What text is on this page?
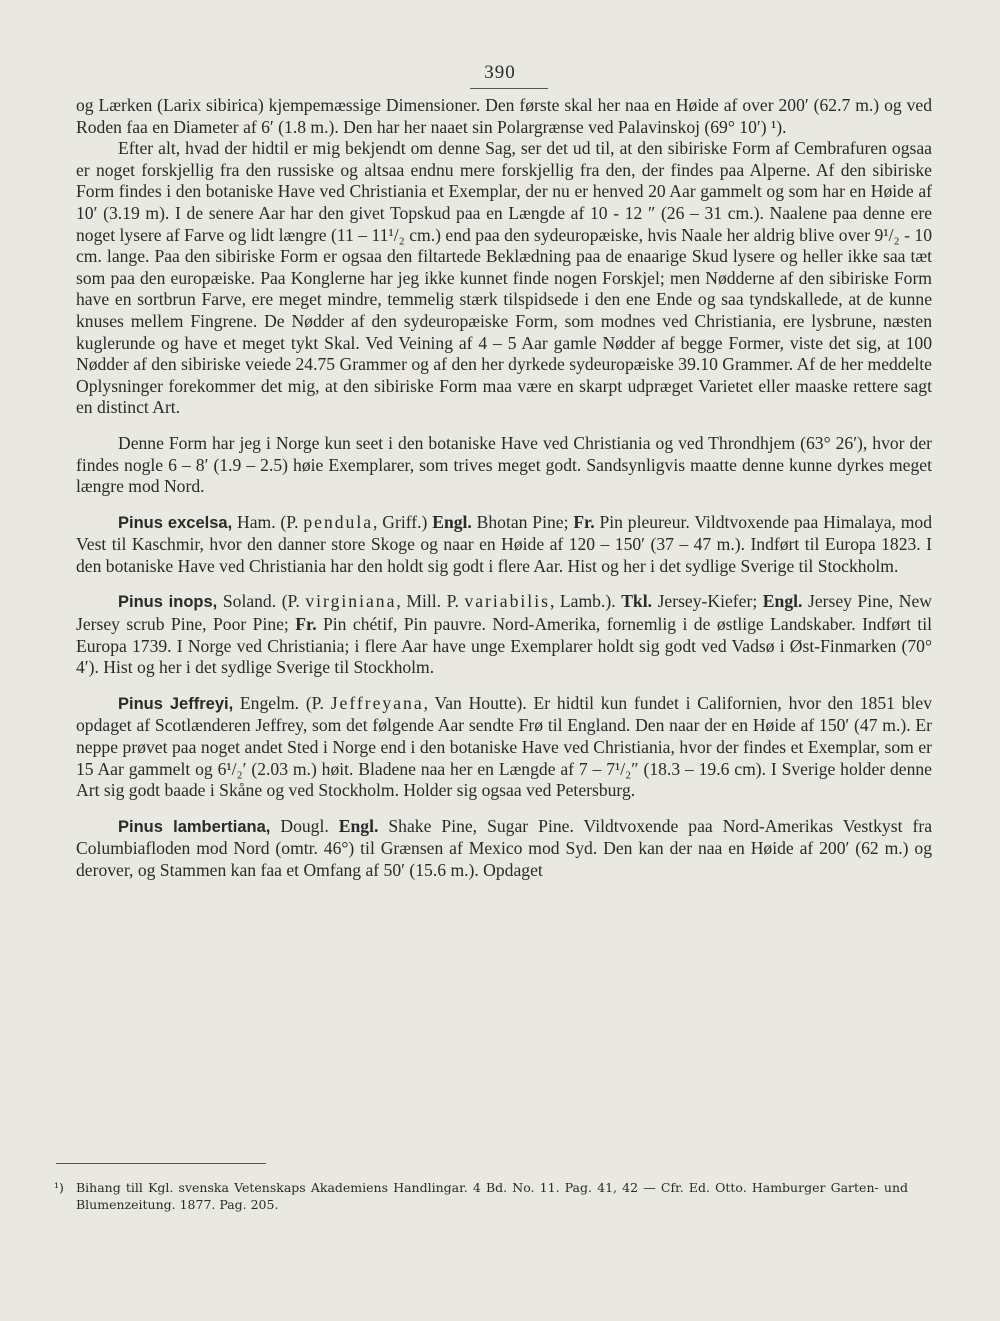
390

og Lærken (Larix sibirica) kjempemæssige Dimensioner. Den første skal her naa en Høide af over 200′ (62.7 m.) og ved Roden faa en Diameter af 6′ (1.8 m.). Den har her naaet sin Polargrænse ved Palavinskoj (69° 10′) ¹).

Efter alt, hvad der hidtil er mig bekjendt om denne Sag, ser det ud til, at den sibiriske Form af Cembrafuren ogsaa er noget forskjellig fra den russiske og altsaa endnu mere forskjellig fra den, der findes paa Alperne. Af den sibiriske Form findes i den botaniske Have ved Christiania et Exemplar, der nu er henved 20 Aar gammelt og som har en Høide af 10′ (3.19 m). I de senere Aar har den givet Topskud paa en Længde af 10 - 12 ″ (26 – 31 cm.). Naalene paa denne ere noget lysere af Farve og lidt længre (11 – 11¹/₂ cm.) end paa den sydeuropæiske, hvis Naale her aldrig blive over 9¹/₂ - 10 cm. lange. Paa den sibiriske Form er ogsaa den filtartede Beklædning paa de enaarige Skud lysere og heller ikke saa tæt som paa den europæiske. Paa Konglerne har jeg ikke kunnet finde nogen Forskjel; men Nødderne af den sibiriske Form have en sortbrun Farve, ere meget mindre, temmelig stærk tilspidsede i den ene Ende og saa tyndskallede, at de kunne knuses mellem Fingrene. De Nødder af den sydeuropæiske Form, som modnes ved Christiania, ere lysbrune, næsten kuglerunde og have et meget tykt Skal. Ved Veining af 4 – 5 Aar gamle Nødder af begge Former, viste det sig, at 100 Nødder af den sibiriske veiede 24.75 Grammer og af den her dyrkede sydeuropæiske 39.10 Grammer. Af de her meddelte Oplysninger forekommer det mig, at den sibiriske Form maa være en skarpt udpræget Varietet eller maaske rettere sagt en distinct Art.

Denne Form har jeg i Norge kun seet i den botaniske Have ved Christiania og ved Throndhjem (63° 26′), hvor der findes nogle 6 – 8′ (1.9 – 2.5) høie Exemplarer, som trives meget godt. Sandsynligvis maatte denne kunne dyrkes meget længre mod Nord.

Pinus excelsa, Ham. (P. pendula, Griff.) Engl. Bhotan Pine; Fr. Pin pleureur. Vildtvoxende paa Himalaya, mod Vest til Kaschmir, hvor den danner store Skoge og naar en Høide af 120 – 150′ (37 – 47 m.). Indført til Europa 1823. I den botaniske Have ved Christiania har den holdt sig godt i flere Aar. Hist og her i det sydlige Sverige til Stockholm.

Pinus inops, Soland. (P. virginiana, Mill. P. variabilis, Lamb.). Tkl. Jersey-Kiefer; Engl. Jersey Pine, New Jersey scrub Pine, Poor Pine; Fr. Pin chétif, Pin pauvre. Nord-Amerika, fornemlig i de østlige Landskaber. Indført til Europa 1739. I Norge ved Christiania; i flere Aar have unge Exemplarer holdt sig godt ved Vadsø i Øst-Finmarken (70° 4′). Hist og her i det sydlige Sverige til Stockholm.

Pinus Jeffreyi, Engelm. (P. Jeffreyana, Van Houtte). Er hidtil kun fundet i Californien, hvor den 1851 blev opdaget af Scotlænderen Jeffrey, som det følgende Aar sendte Frø til England. Den naar der en Høide af 150′ (47 m.). Er neppe prøvet paa noget andet Sted i Norge end i den botaniske Have ved Christiania, hvor der findes et Exemplar, som er 15 Aar gammelt og 6¹/₂′ (2.03 m.) høit. Bladene naa her en Længde af 7 – 7¹/₂″ (18.3 – 19.6 cm). I Sverige holder denne Art sig godt baade i Skåne og ved Stockholm. Holder sig ogsaa ved Petersburg.

Pinus lambertiana, Dougl. Engl. Shake Pine, Sugar Pine. Vildtvoxende paa Nord-Amerikas Vestkyst fra Columbiafloden mod Nord (omtr. 46°) til Grænsen af Mexico mod Syd. Den kan der naa en Høide af 200′ (62 m.) og derover, og Stammen kan faa et Omfang af 50′ (15.6 m.). Opdaget

¹) Bihang till Kgl. svenska Vetenskaps Akademiens Handlingar. 4 Bd. No. 11. Pag. 41, 42 — Cfr. Ed. Otto. Hamburger Garten- und Blumenzeitung. 1877. Pag. 205.
